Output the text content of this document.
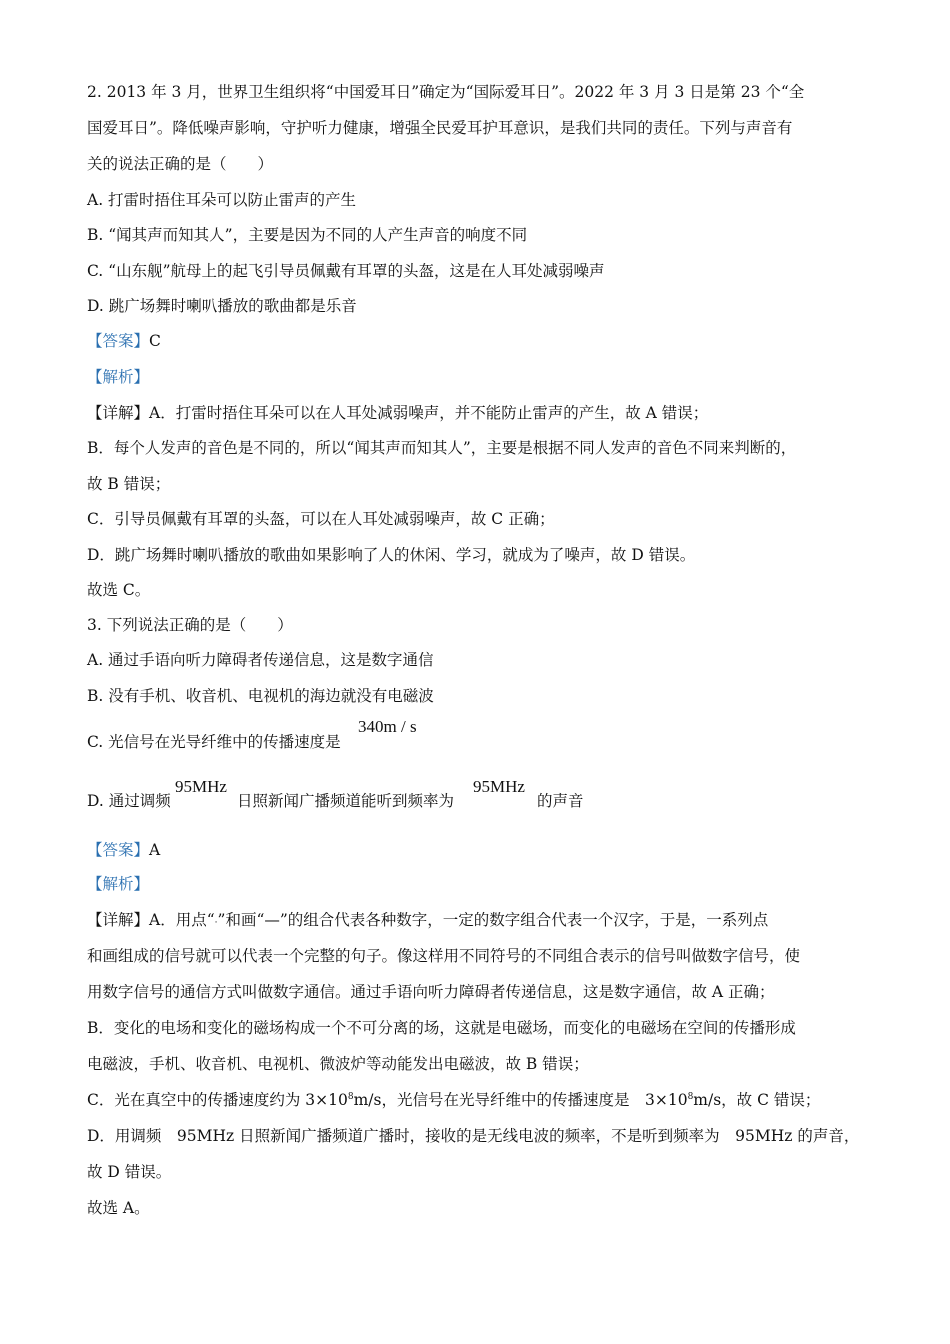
2. 2013 年 3 月，世界卫生组织将“中国爱耳日”确定为“国际爱耳日”。2022 年 3 月 3 日是第 23 个“全
国爱耳日”。降低噪声影响，守护听力健康，增强全民爱耳护耳意识，是我们共同的责任。下列与声音有
关的说法正确的是（　　）
A. 打雷时捂住耳朵可以防止雷声的产生
B. “闻其声而知其人”，主要是因为不同的人产生声音的响度不同
C. “山东舰”航母上的起飞引导员佩戴有耳罩的头盔，这是在人耳处减弱噪声
D. 跳广场舞时喇叭播放的歌曲都是乐音
【答案】C
【解析】
【详解】A．打雷时捂住耳朵可以在人耳处减弱噪声，并不能防止雷声的产生，故 A 错误；
B．每个人发声的音色是不同的，所以“闻其声而知其人”，主要是根据不同人发声的音色不同来判断的，
故 B 错误；
C．引导员佩戴有耳罩的头盔，可以在人耳处减弱噪声，故 C 正确；
D．跳广场舞时喇叭播放的歌曲如果影响了人的休闲、学习，就成为了噪声，故 D 错误。
故选 C。
3. 下列说法正确的是（　　）
A. 通过手语向听力障碍者传递信息，这是数字通信
B. 没有手机、收音机、电视机的海边就没有电磁波
C. 光信号在光导纤维中的传播速度是
340m / s
D. 通过调频
95MHz
日照新闻广播频道能听到频率为
95MHz
的声音
【答案】A
【解析】
【详解】A．用点“·”和画“—”的组合代表各种数字，一定的数字组合代表一个汉字，于是，一系列点
和画组成的信号就可以代表一个完整的句子。像这样用不同符号的不同组合表示的信号叫做数字信号，使
用数字信号的通信方式叫做数字通信。通过手语向听力障碍者传递信息，这是数字通信，故 A 正确；
B．变化的电场和变化的磁场构成一个不可分离的场，这就是电磁场，而变化的电磁场在空间的传播形成
电磁波，手机、收音机、电视机、微波炉等动能发出电磁波，故 B 错误；
C．光在真空中的传播速度约为 $3\times 10^8m/s$，光信号在光导纤维中的传播速度是　$3\times 10^8m/s$，故 C 错误；
D．用调频　95MHz 日照新闻广播频道广播时，接收的是无线电波的频率，不是听到频率为　95MHz 的声音，
故 D 错误。
故选 A。
